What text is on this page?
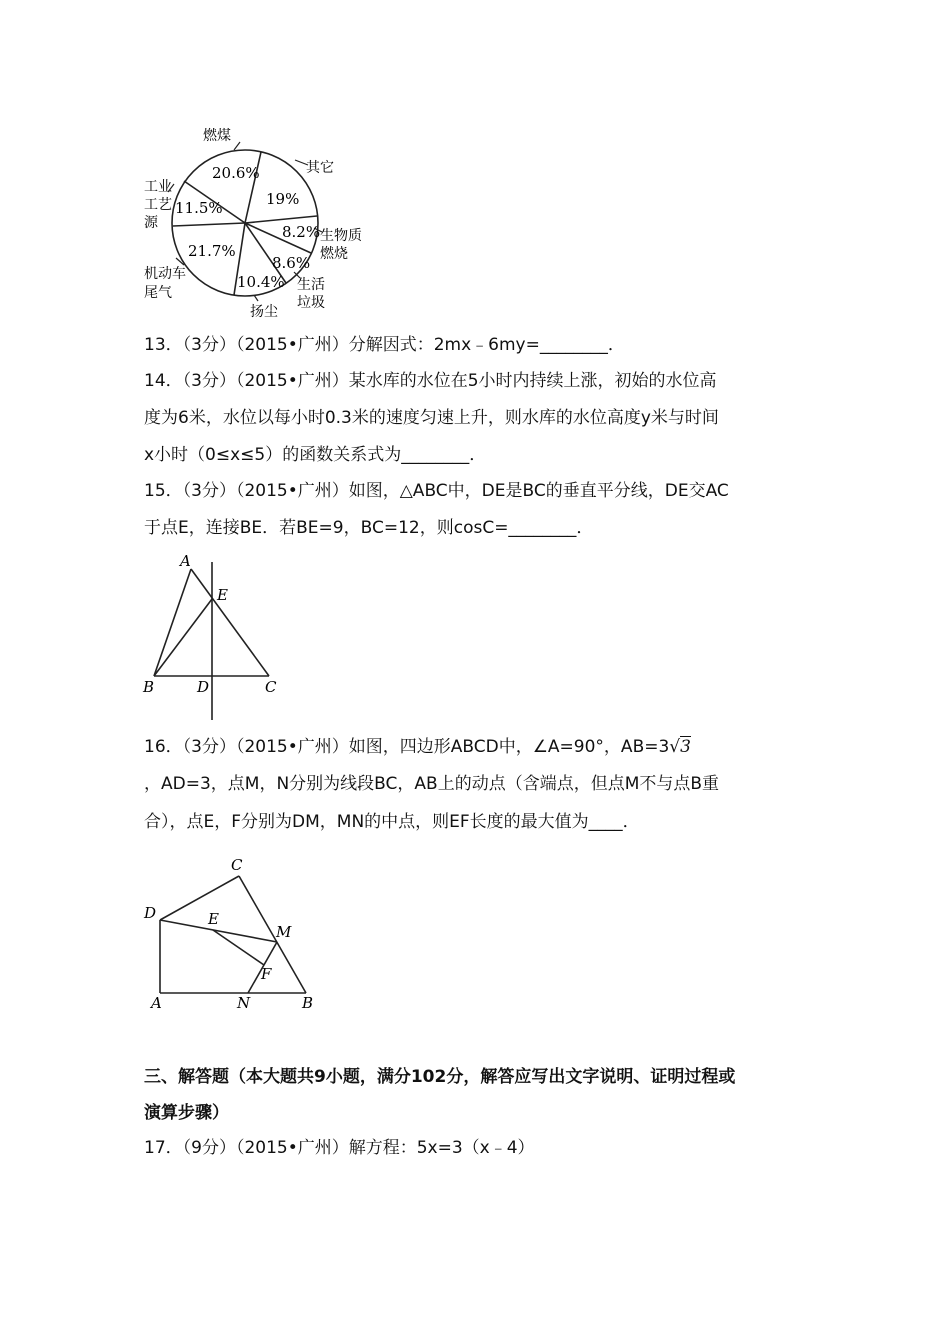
20.6%
19%
11.5%
8.2%
21.7%
8.6%
10.4%
燃煤
其它
工业
工艺
源
生物质
燃烧
机动车
尾气	生活
垃圾
扬尘
13．（3分）（2015•广州）分解因式：2mx﹣6my=________．
14．（3分）（2015•广州）某水库的水位在5小时内持续上涨，初始的水位高
度为6米，水位以每小时0.3米的速度匀速上升，则水库的水位高度y米与时间
x小时（0≤x≤5）的函数关系式为________．
15．（3分）（2015•广州）如图，△ABC中，DE是BC的垂直平分线，DE交AC
于点E，连接BE．若BE=9，BC=12，则cosC=________．
A
E
B	D	C
16．（3分）（2015•广州）如图，四边形ABCD中，∠A=90°，AB=3√3
，AD=3，点M，N分别为线段BC，AB上的动点（含端点，但点M不与点B重
合），点E，F分别为DM，MN的中点，则EF长度的最大值为____．
C
D	E
M
F
A	N	B
三、解答题（本大题共9小题，满分102分，解答应写出文字说明、证明过程或
演算步骤）
17．（9分）（2015•广州）解方程：5x=3（x﹣4）
